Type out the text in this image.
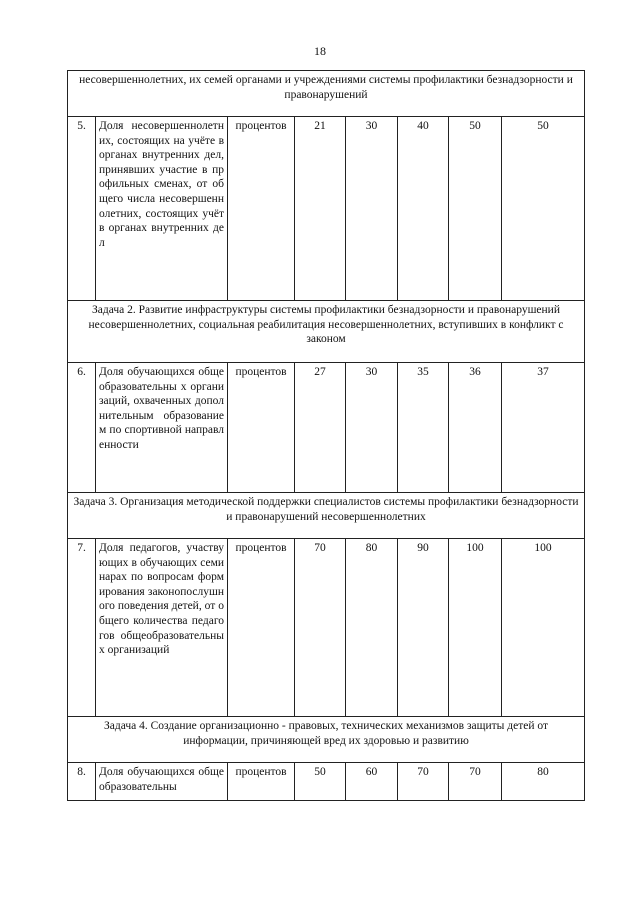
18
несовершеннолетних, их семей органами и учреждениями системы профилактики безнадзорности и правонарушений							
5.	Доля несовершеннолетних, состоящих на учёте в органах внутренних дел, принявших участие в профильных сменах, от общего числа несовершеннолетних, состоящих учёт в органах внутренних дел	процентов	21	30	40	50	50
Задача 2. Развитие инфраструктуры системы профилактики безнадзорности и правонарушений несовершеннолетних, социальная реабилитация несовершеннолетних, вступивших в конфликт с законом							
6.	Доля обучающихся общеобразовательны х организаций, охваченных дополнительным образованием по спортивной направленности	процентов	27	30	35	36	37
Задача 3. Организация методической поддержки специалистов системы профилактики безнадзорности и правонарушений несовершеннолетних							
7.	Доля педагогов, участвующих в обучающих семинарах по вопросам формирования законопослушного поведения детей, от общего количества педагогов общеобразовательны х организаций	процентов	70	80	90	100	100
Задача 4. Создание организационно - правовых, технических механизмов защиты детей от информации, причиняющей вред их здоровью и развитию							
8.	Доля обучающихся общеобразовательны	процентов	50	60	70	70	80
